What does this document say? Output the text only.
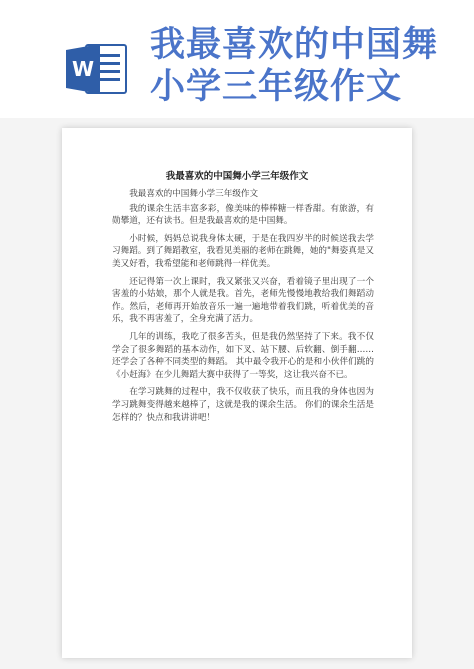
W
我最喜欢的中国舞
小学三年级作文
我最喜欢的中国舞小学三年级作文

我最喜欢的中国舞小学三年级作文

我的课余生活丰富多彩，像美味的棒棒糖一样香甜。有旅游，有勋攀道，还有读书。但是我最喜欢的是中国舞。

小时候，妈妈总说我身体太硬，于是在我四岁半的时候送我去学习舞蹈。到了舞蹈教室，我看见美丽的老师在跳舞，她的"舞姿真是又美又好看，我希望能和老师跳得一样优美。

还记得第一次上课时，我又紧张又兴奋，看着镜子里出现了一个害羞的小姑娘，那个人就是我。首先，老师先慢慢地教给我们舞蹈动作。然后，老师再开始放音乐一遍一遍地带着我们跳，听着优美的音乐，我不再害羞了，全身充满了活力。

几年的训练，我吃了很多苦头，但是我仍然坚持了下来。我不仅学会了很多舞蹈的基本动作，如下叉、站下腰、后软翻、倒手翻……还学会了各种不同类型的舞蹈。 其中最令我开心的是和小伙伴们跳的《小赶海》在少儿舞蹈大赛中获得了一等奖，这让我兴奋不已。

在学习跳舞的过程中，我不仅收获了快乐，而且我的身体也因为学习跳舞变得越来越棒了，这就是我的课余生活。 你们的课余生活是怎样的？快点和我讲讲吧！
